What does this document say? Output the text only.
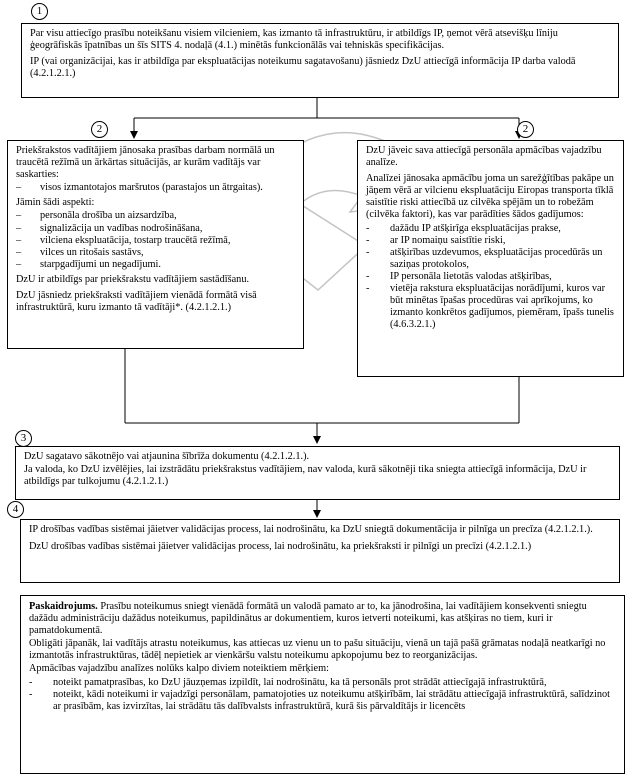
1
2	2
3
4

Par visu attiecīgo prasību noteikšanu visiem vilcieniem, kas izmanto tā infrastruktūru, ir atbildīgs IP, ņemot vērā atsevišķu līniju ģeogrāfiskās īpatnības un šīs SITS 4. nodaļā (4.1.) minētās funkcionālās vai tehniskās specifikācijas.

IP (vai organizācijai, kas ir atbildīga par ekspluatācijas noteikumu sagatavošanu) jāsniedz DzU attiecīgā informācija IP darba valodā (4.2.1.2.1.)

Priekšrakstos vadītājiem jānosaka prasības darbam normālā un traucētā režīmā un ārkārtas situācijās, ar kurām vadītājs var saskarties:

– visos izmantotajos maršrutos (parastajos un ātrgaitas).

Jāmin šādi aspekti:

– personāla drošība un aizsardzība,
– signalizācija un vadības nodrošināšana,
– vilciena ekspluatācija, tostarp traucētā režīmā,
– vilces un ritošais sastāvs,
– starpgadījumi un negadījumi.

DzU ir atbildīgs par priekšrakstu vadītājiem sastādīšanu.

DzU jāsniedz priekšraksti vadītājiem vienādā formātā visā infrastruktūrā, kuru izmanto tā vadītāji*. (4.2.1.2.1.)

DzU jāveic sava attiecīgā personāla apmācības vajadzību analīze.

Analīzei jānosaka apmācību joma un sarežģītības pakāpe un jāņem vērā ar vilcienu ekspluatāciju Eiropas transporta tīklā saistītie riski attiecībā uz cilvēka spējām un to robežām (cilvēka faktori), kas var parādīties šādos gadījumos:

- dažādu IP atšķirīga ekspluatācijas prakse,
- ar IP nomaiņu saistītie riski,
- atšķirības uzdevumos, ekspluatācijas procedūrās un saziņas protokolos,
- IP personāla lietotās valodas atšķirības,
- vietēja rakstura ekspluatācijas norādījumi, kuros var būt minētas īpašas procedūras vai aprīkojums, ko izmanto konkrētos gadījumos, piemēram, īpašs tunelis (4.6.3.2.1.)

DzU sagatavo sākotnējo vai atjaunina šībrīža dokumentu (4.2.1.2.1.).

Ja valoda, ko DzU izvēlējies, lai izstrādātu priekšrakstus vadītājiem, nav valoda, kurā sākotnēji tika sniegta attiecīgā informācija, DzU ir atbildīgs par tulkojumu (4.2.1.2.1.)

IP drošības vadības sistēmai jāietver validācijas process, lai nodrošinātu, ka DzU sniegtā dokumentācija ir pilnīga un precīza (4.2.1.2.1.).

DzU drošības vadības sistēmai jāietver validācijas process, lai nodrošinātu, ka priekšraksti ir pilnīgi un precīzi (4.2.1.2.1.)

Paskaidrojums. Prasību noteikumus sniegt vienādā formātā un valodā pamato ar to, ka jānodrošina, lai vadītājiem konsekventi sniegtu dažādu administrāciju dažādus noteikumus, papildinātus ar dokumentiem, kuros ietverti noteikumi, kas atšķiras no tiem, kuri ir pamatdokumentā.

Obligāti jāpanāk, lai vadītājs atrastu noteikumus, kas attiecas uz vienu un to pašu situāciju, vienā un tajā pašā grāmatas nodaļā neatkarīgi no izmantotās infrastruktūras, tādēļ nepietiek ar vienkāršu valstu noteikumu apkopojumu bez to reorganizācijas.

Apmācības vajadzību analīzes nolūks kalpo diviem noteiktiem mērķiem:

- noteikt pamatprasības, ko DzU jāuzņemas izpildīt, lai nodrošinātu, ka tā personāls prot strādāt attiecīgajā infrastruktūrā,
- noteikt, kādi noteikumi ir vajadzīgi personālam, pamatojoties uz noteikumu atšķirībām, lai strādātu attiecīgajā infrastruktūrā, salīdzinot ar prasībām, kas izvirzītas, lai strādātu tās dalībvalsts infrastruktūrā, kurā šis pārvaldītājs ir licencēts
